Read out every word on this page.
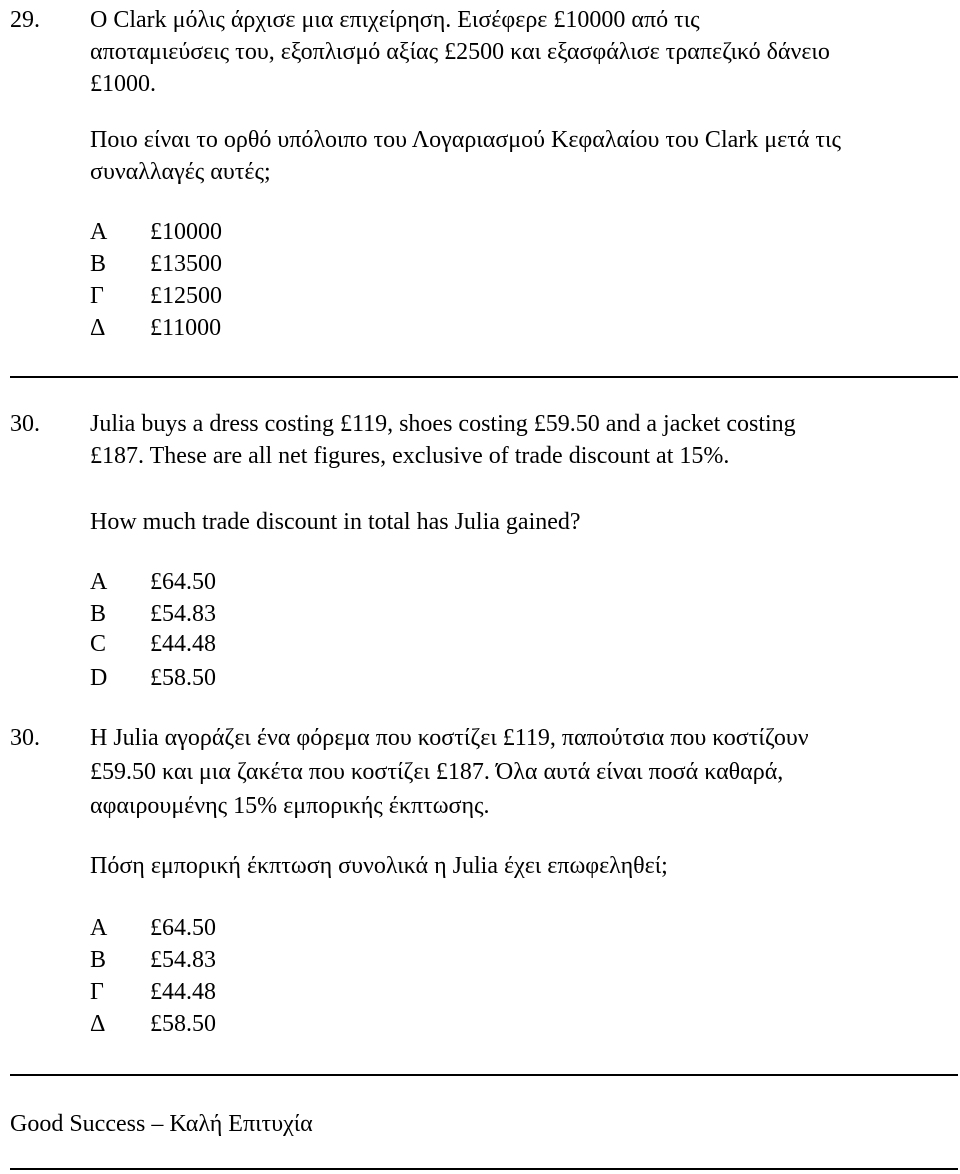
29. Ο Clark μόλις άρχισε μια επιχείρηση. Εισέφερε £10000 από τις
αποταμιεύσεις του, εξοπλισμό αξίας £2500 και εξασφάλισε τραπεζικό δάνειο
£1000.
Ποιο είναι το ορθό υπόλοιπο του Λογαριασμού Κεφαλαίου του Clark μετά τις
συναλλαγές αυτές;
Α £10000
Β £13500
Γ £12500
Δ £11000
30. Julia buys a dress costing £119, shoes costing £59.50 and a jacket costing
£187. These are all net figures, exclusive of trade discount at 15%.
How much trade discount in total has Julia gained?
A £64.50
B £54.83
C £44.48
D £58.50
30. Η Julia αγοράζει ένα φόρεμα που κοστίζει £119, παπούτσια που κοστίζουν
£59.50 και μια ζακέτα που κοστίζει £187. Όλα αυτά είναι ποσά καθαρά,
αφαιρουμένης 15% εμπορικής έκπτωσης.
Πόση εμπορική έκπτωση συνολικά η Julia έχει επωφεληθεί;
Α £64.50
Β £54.83
Γ £44.48
Δ £58.50
Good Success – Καλή Επιτυχία
